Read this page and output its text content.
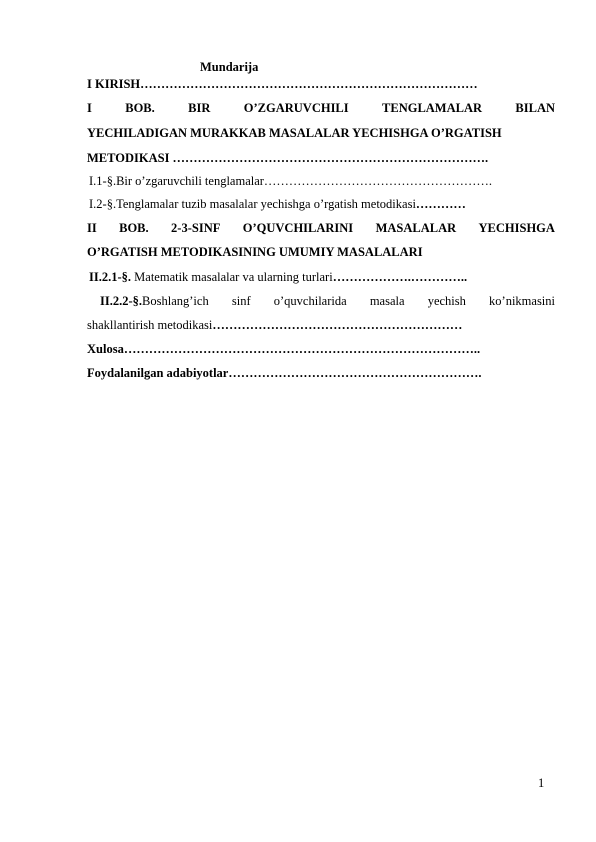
Mundarija
I KIRISH………………………………………………………………………
I	BOB.	BIR	O’ZGARUVCHILI	TENGLAMALAR	BILAN
YECHILADIGAN MURAKKAB MASALALAR YECHISHGA O’RGATISH
METODIKASI ………………………………………………………………….
I.1-§.Bir o’zgaruvchili tenglamalar……………………………………………….
I.2-§.Tenglamalar tuzib masalalar yechishga o’rgatish metodikasi…………
II BOB. 2-3-SINF O’QUVCHILARINI MASALALAR YECHISHGA
O’RGATISH METODIKASINING UMUMIY MASALALARI
II.2.1-§. Matematik masalalar va ularning turlari……………….…………..
II.2.2-§.Boshlang’ich sinf o’quvchilarida masala yechish ko’nikmasini
shakllantirish metodikasi……………………………………………………
Xulosa…………………………………………………………………………..
Foydalanilgan adabiyotlar…………………………………………………….
1
